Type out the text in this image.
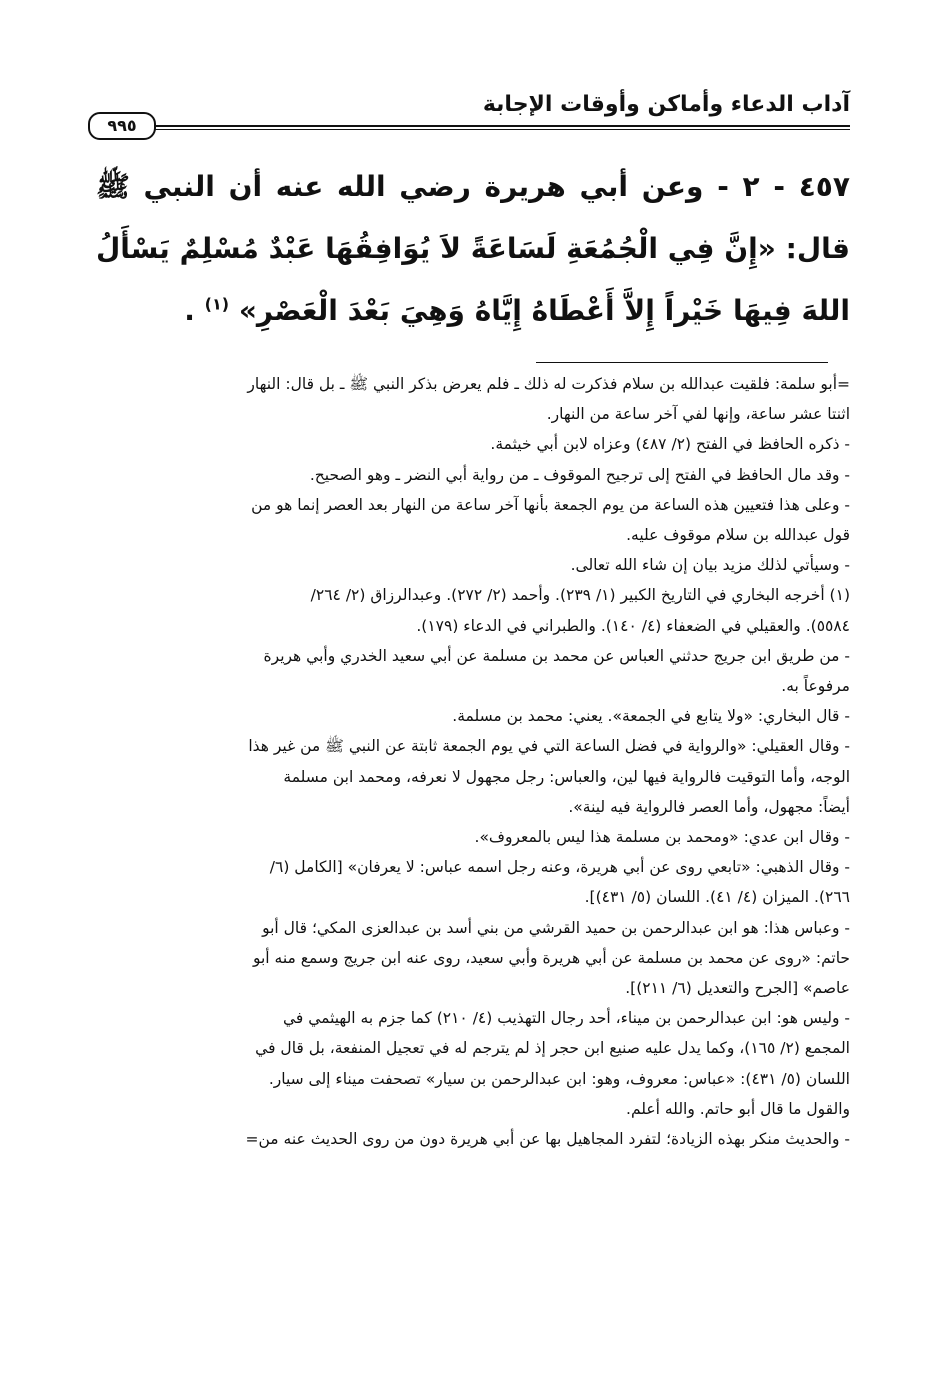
آداب الدعاء وأماكن وأوقات الإجابة
٩٩٥
٤٥٧ - ٢ - وعن أبي هريرة رضي الله عنه أن النبي ﷺ قال: «إِنَّ فِي الْجُمُعَةِ لَسَاعَةً لاَ يُوَافِقُهَا عَبْدٌ مُسْلِمٌ يَسْأَلُ اللهَ فِيهَا خَيْراً إِلاَّ أَعْطَاهُ إِيَّاهُ وَهِيَ بَعْدَ الْعَصْرِ» $^{(١)}$ .

=أبو سلمة: فلقيت عبدالله بن سلام فذكرت له ذلك ـ فلم يعرض بذكر النبي ﷺ ـ بل قال: النهار

اثنتا عشر ساعة، وإنها لفي آخر ساعة من النهار.

- ذكره الحافظ في الفتح (٢/ ٤٨٧) وعزاه لابن أبي خيثمة.

- وقد مال الحافظ في الفتح إلى ترجيح الموقوف ـ من رواية أبي النضر ـ وهو الصحيح.

- وعلى هذا فتعيين هذه الساعة من يوم الجمعة بأنها آخر ساعة من النهار بعد العصر إنما هو من

قول عبدالله بن سلام موقوف عليه.

- وسيأتي لذلك مزيد بيان إن شاء الله تعالى.

(١) أخرجه البخاري في التاريخ الكبير (١/ ٢٣٩). وأحمد (٢/ ٢٧٢). وعبدالرزاق (٢/ ٢٦٤/

٥٥٨٤). والعقيلي في الضعفاء (٤/ ١٤٠). والطبراني في الدعاء (١٧٩).

- من طريق ابن جريج حدثني العباس عن محمد بن مسلمة عن أبي سعيد الخدري وأبي هريرة

مرفوعاً به.

- قال البخاري: «ولا يتابع في الجمعة». يعني: محمد بن مسلمة.

- وقال العقيلي: «والرواية في فضل الساعة التي في يوم الجمعة ثابتة عن النبي ﷺ من غير هذا

الوجه، وأما التوقيت فالرواية فيها لين، والعباس: رجل مجهول لا نعرفه، ومحمد ابن مسلمة

أيضاً: مجهول، وأما العصر فالرواية فيه لينة».

- وقال ابن عدي: «ومحمد بن مسلمة هذا ليس بالمعروف».

- وقال الذهبي: «تابعي روى عن أبي هريرة، وعنه رجل اسمه عباس: لا يعرفان» [الكامل (٦/

٢٦٦). الميزان (٤/ ٤١). اللسان (٥/ ٤٣١)].

- وعباس هذا: هو ابن عبدالرحمن بن حميد القرشي من بني أسد بن عبدالعزى المكي؛ قال أبو

حاتم: «روى عن محمد بن مسلمة عن أبي هريرة وأبي سعيد، روى عنه ابن جريج وسمع منه أبو

عاصم» [الجرح والتعديل (٦/ ٢١١)].

- وليس هو: ابن عبدالرحمن بن ميناء، أحد رجال التهذيب (٤/ ٢١٠) كما جزم به الهيثمي في

المجمع (٢/ ١٦٥)، وكما يدل عليه صنيع ابن حجر إذ لم يترجم له في تعجيل المنفعة، بل قال في

اللسان (٥/ ٤٣١): «عباس: معروف، وهو: ابن عبدالرحمن بن سيار» تصحفت ميناء إلى سيار.

والقول ما قال أبو حاتم. والله أعلم.

- والحديث منكر بهذه الزيادة؛ لتفرد المجاهيل بها عن أبي هريرة دون من روى الحديث عنه من=
